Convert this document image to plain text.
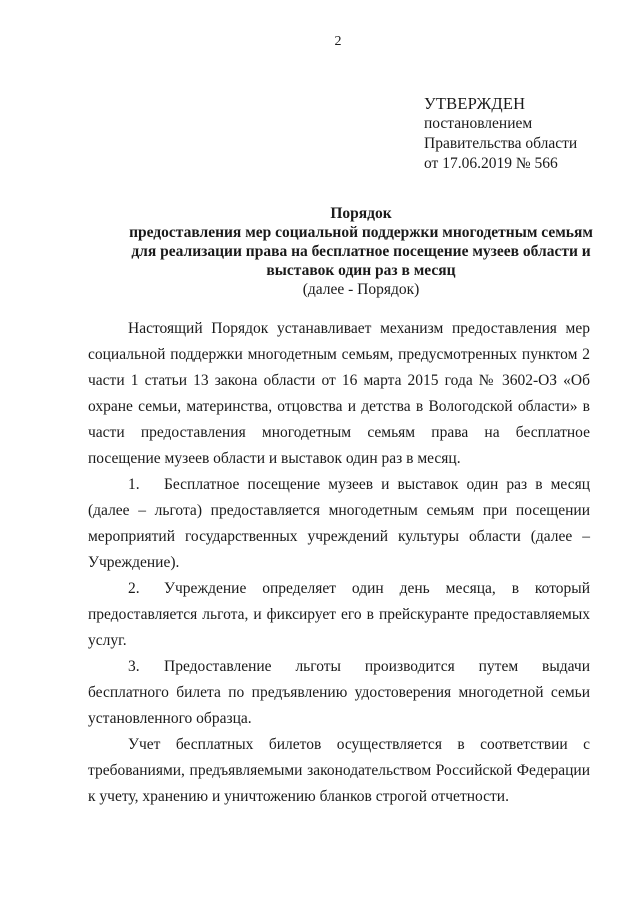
2
УТВЕРЖДЕН
постановлением
Правительства области
от 17.06.2019 № 566
Порядок
предоставления мер социальной поддержки многодетным семьям
для реализации права на бесплатное посещение музеев области и
выставок один раз в месяц
(далее - Порядок)

Настоящий Порядок устанавливает механизм предоставления мер социальной поддержки многодетным семьям, предусмотренных пунктом 2 части 1 статьи 13 закона области от 16 марта 2015 года № 3602-ОЗ «Об охране семьи, материнства, отцовства и детства в Вологодской области» в части предоставления многодетным семьям права на бесплатное посещение музеев области и выставок один раз в месяц.

1. Бесплатное посещение музеев и выставок один раз в месяц (далее – льгота) предоставляется многодетным семьям при посещении мероприятий государственных учреждений культуры области (далее – Учреждение).

2. Учреждение определяет один день месяца, в который предоставляется льгота, и фиксирует его в прейскуранте предоставляемых услуг.

3. Предоставление льготы производится путем выдачи бесплатного билета по предъявлению удостоверения многодетной семьи установленного образца.

Учет бесплатных билетов осуществляется в соответствии с требованиями, предъявляемыми законодательством Российской Федерации к учету, хранению и уничтожению бланков строгой отчетности.
